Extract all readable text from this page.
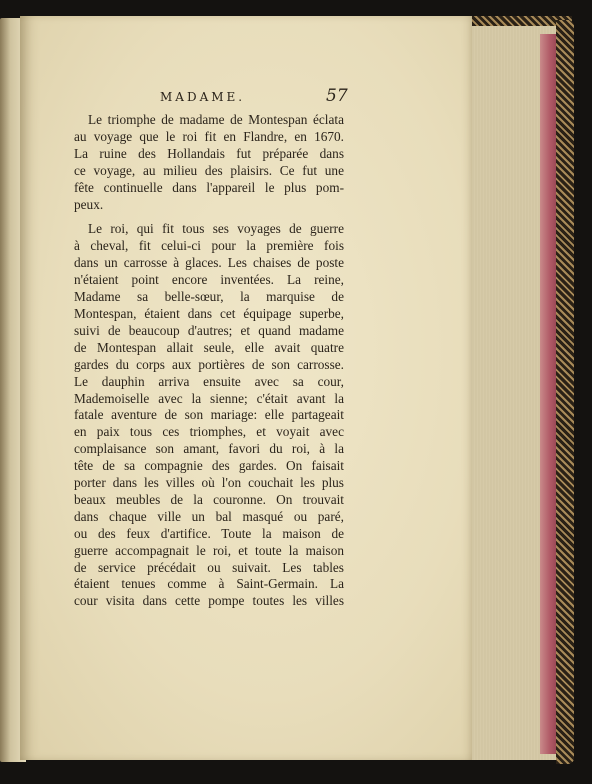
MADAME.	57
Le triomphe de madame de Montespan éclata
au voyage que le roi fit en Flandre, en 1670.
La ruine des Hollandais fut préparée dans
ce voyage, au milieu des plaisirs. Ce fut une
fête continuelle dans l'appareil le plus pom-
peux.
Le roi, qui fit tous ses voyages de guerre
à cheval, fit celui-ci pour la première fois
dans un carrosse à glaces. Les chaises de poste
n'étaient point encore inventées. La reine,
Madame sa belle-sœur, la marquise de
Montespan, étaient dans cet équipage superbe,
suivi de beaucoup d'autres; et quand madame
de Montespan allait seule, elle avait quatre
gardes du corps aux portières de son carrosse.
Le dauphin arriva ensuite avec sa cour,
Mademoiselle avec la sienne; c'était avant la
fatale aventure de son mariage: elle partageait
en paix tous ces triomphes, et voyait avec
complaisance son amant, favori du roi, à la
tête de sa compagnie des gardes. On faisait
porter dans les villes où l'on couchait les plus
beaux meubles de la couronne. On trouvait
dans chaque ville un bal masqué ou paré,
ou des feux d'artifice. Toute la maison de
guerre accompagnait le roi, et toute la maison
de service précédait ou suivait. Les tables
étaient tenues comme à Saint-Germain. La
cour visita dans cette pompe toutes les villes
